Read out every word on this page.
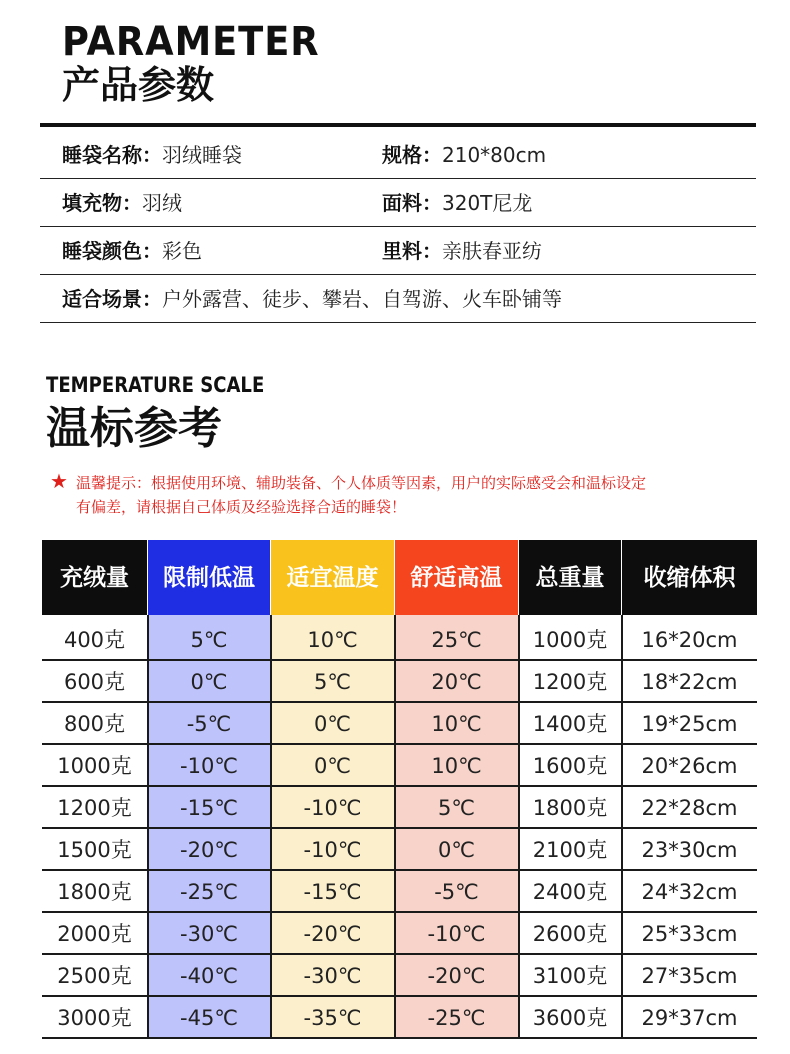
PARAMETER
产品参数
睡袋名称：羽绒睡袋	规格：210*80cm
填充物：羽绒	面料：320T尼龙
睡袋颜色：彩色	里料：亲肤春亚纺
适合场景：户外露营、徒步、攀岩、自驾游、火车卧铺等
TEMPERATURE SCALE
温标参考
★ 温馨提示：根据使用环境、辅助装备、个人体质等因素，用户的实际感受会和温标设定
有偏差，请根据自己体质及经验选择合适的睡袋！
充绒量	限制低温	适宜温度	舒适高温	总重量	收缩体积
400克	5℃	10℃	25℃	1000克	16*20cm
600克	0℃	5℃	20℃	1200克	18*22cm
800克	-5℃	0℃	10℃	1400克	19*25cm
1000克	-10℃	0℃	10℃	1600克	20*26cm
1200克	-15℃	-10℃	5℃	1800克	22*28cm
1500克	-20℃	-10℃	0℃	2100克	23*30cm
1800克	-25℃	-15℃	-5℃	2400克	24*32cm
2000克	-30℃	-20℃	-10℃	2600克	25*33cm
2500克	-40℃	-30℃	-20℃	3100克	27*35cm
3000克	-45℃	-35℃	-25℃	3600克	29*37cm
